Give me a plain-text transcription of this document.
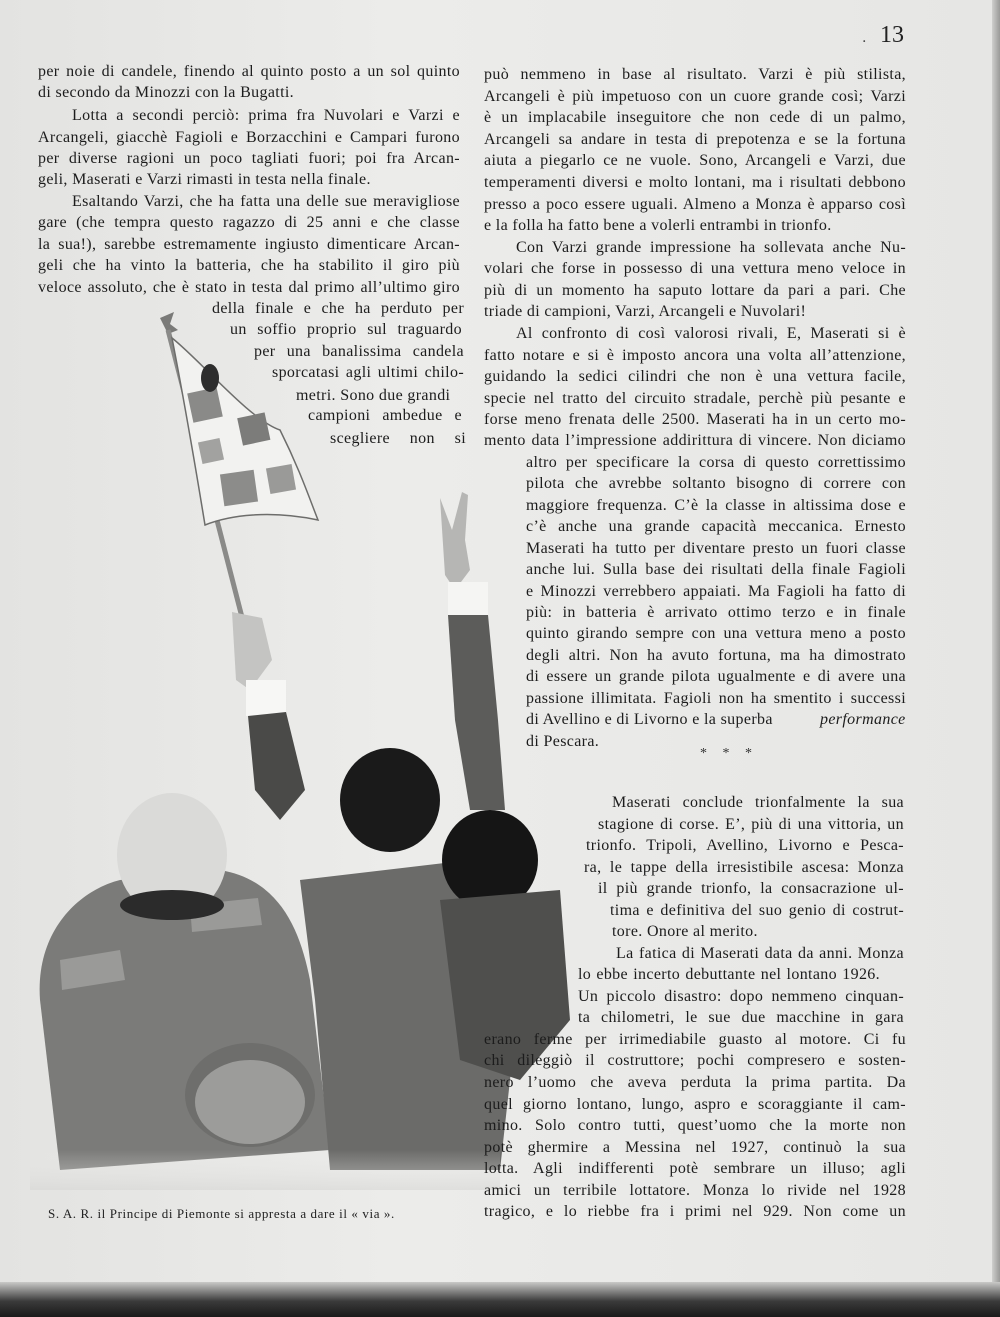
. 13
per noie di candele, finendo al quinto posto a un sol quinto
di secondo da Minozzi con la Bugatti.
Lotta a secondi perciò: prima fra Nuvolari e Varzi e
Arcangeli, giacchè Fagioli e Borzacchini e Campari furono
per diverse ragioni un poco tagliati fuori; poi fra Arcan-
geli, Maserati e Varzi rimasti in testa nella finale.
Esaltando Varzi, che ha fatta una delle sue meravigliose
gare (che tempra questo ragazzo di 25 anni e che classe
la sua!), sarebbe estremamente ingiusto dimenticare Arcan-
geli che ha vinto la batteria, che ha stabilito il giro più
veloce assoluto, che è stato in testa dal primo all’ultimo giro
della finale e che ha perduto per
un soffio proprio sul traguardo
per una banalissima candela
sporcatasi agli ultimi chilo-
metri. Sono due grandi
campioni ambedue e
scegliere non si
può nemmeno in base al risultato. Varzi è più stilista,
Arcangeli è più impetuoso con un cuore grande così; Varzi
è un implacabile inseguitore che non cede di un palmo,
Arcangeli sa andare in testa di prepotenza e se la fortuna
aiuta a piegarlo ce ne vuole. Sono, Arcangeli e Varzi, due
temperamenti diversi e molto lontani, ma i risultati debbono
presso a poco essere uguali. Almeno a Monza è apparso così
e la folla ha fatto bene a volerli entrambi in trionfo.
Con Varzi grande impressione ha sollevata anche Nu-
volari che forse in possesso di una vettura meno veloce in
più di un momento ha saputo lottare da pari a pari. Che
triade di campioni, Varzi, Arcangeli e Nuvolari!
Al confronto di così valorosi rivali, E, Maserati si è
fatto notare e si è imposto ancora una volta all’attenzione,
guidando la sedici cilindri che non è una vettura facile,
specie nel tratto del circuito stradale, perchè più pesante e
forse meno frenata delle 2500. Maserati ha in un certo mo-
mento data l’impressione addirittura di vincere. Non diciamo
altro per specificare la corsa di questo correttissimo
pilota che avrebbe soltanto bisogno di correre con
maggiore frequenza. C’è la classe in altissima dose e
c’è anche una grande capacità meccanica. Ernesto
Maserati ha tutto per diventare presto un fuori classe
anche lui. Sulla base dei risultati della finale Fagioli
e Minozzi verrebbero appaiati. Ma Fagioli ha fatto di
più: in batteria è arrivato ottimo terzo e in finale
quinto girando sempre con una vettura meno a posto
degli altri. Non ha avuto fortuna, ma ha dimostrato
di essere un grande pilota ugualmente e di avere una
passione illimitata. Fagioli non ha smentito i successi
di Avellino e di Livorno e la superba	performance
di Pescara.
Maserati conclude trionfalmente la sua
stagione di corse. E’, più di una vittoria, un
trionfo. Tripoli, Avellino, Livorno e Pesca-
ra, le tappe della irresistibile ascesa: Monza
il più grande trionfo, la consacrazione ul-
tima e definitiva del suo genio di costrut-
tore. Onore al merito.
La fatica di Maserati data da anni. Monza
lo ebbe incerto debuttante nel lontano 1926.
Un piccolo disastro: dopo nemmeno cinquan-
ta chilometri, le sue due macchine in gara
erano ferme per irrimediabile guasto al motore. Ci fu
chi dileggiò il costruttore; pochi compresero e sosten-
nero l’uomo che aveva perduta la prima partita. Da
quel giorno lontano, lungo, aspro e scoraggiante il cam-
mino. Solo contro tutti, quest’uomo che la morte non
potè ghermire a Messina nel 1927, continuò la sua
lotta. Agli indifferenti potè sembrare un illuso; agli
amici un terribile lottatore. Monza lo rivide nel 1928
tragico, e lo riebbe fra i primi nel 929. Non come un
* * *
S. A. R. il Principe di Piemonte si appresta a dare il « via ».
